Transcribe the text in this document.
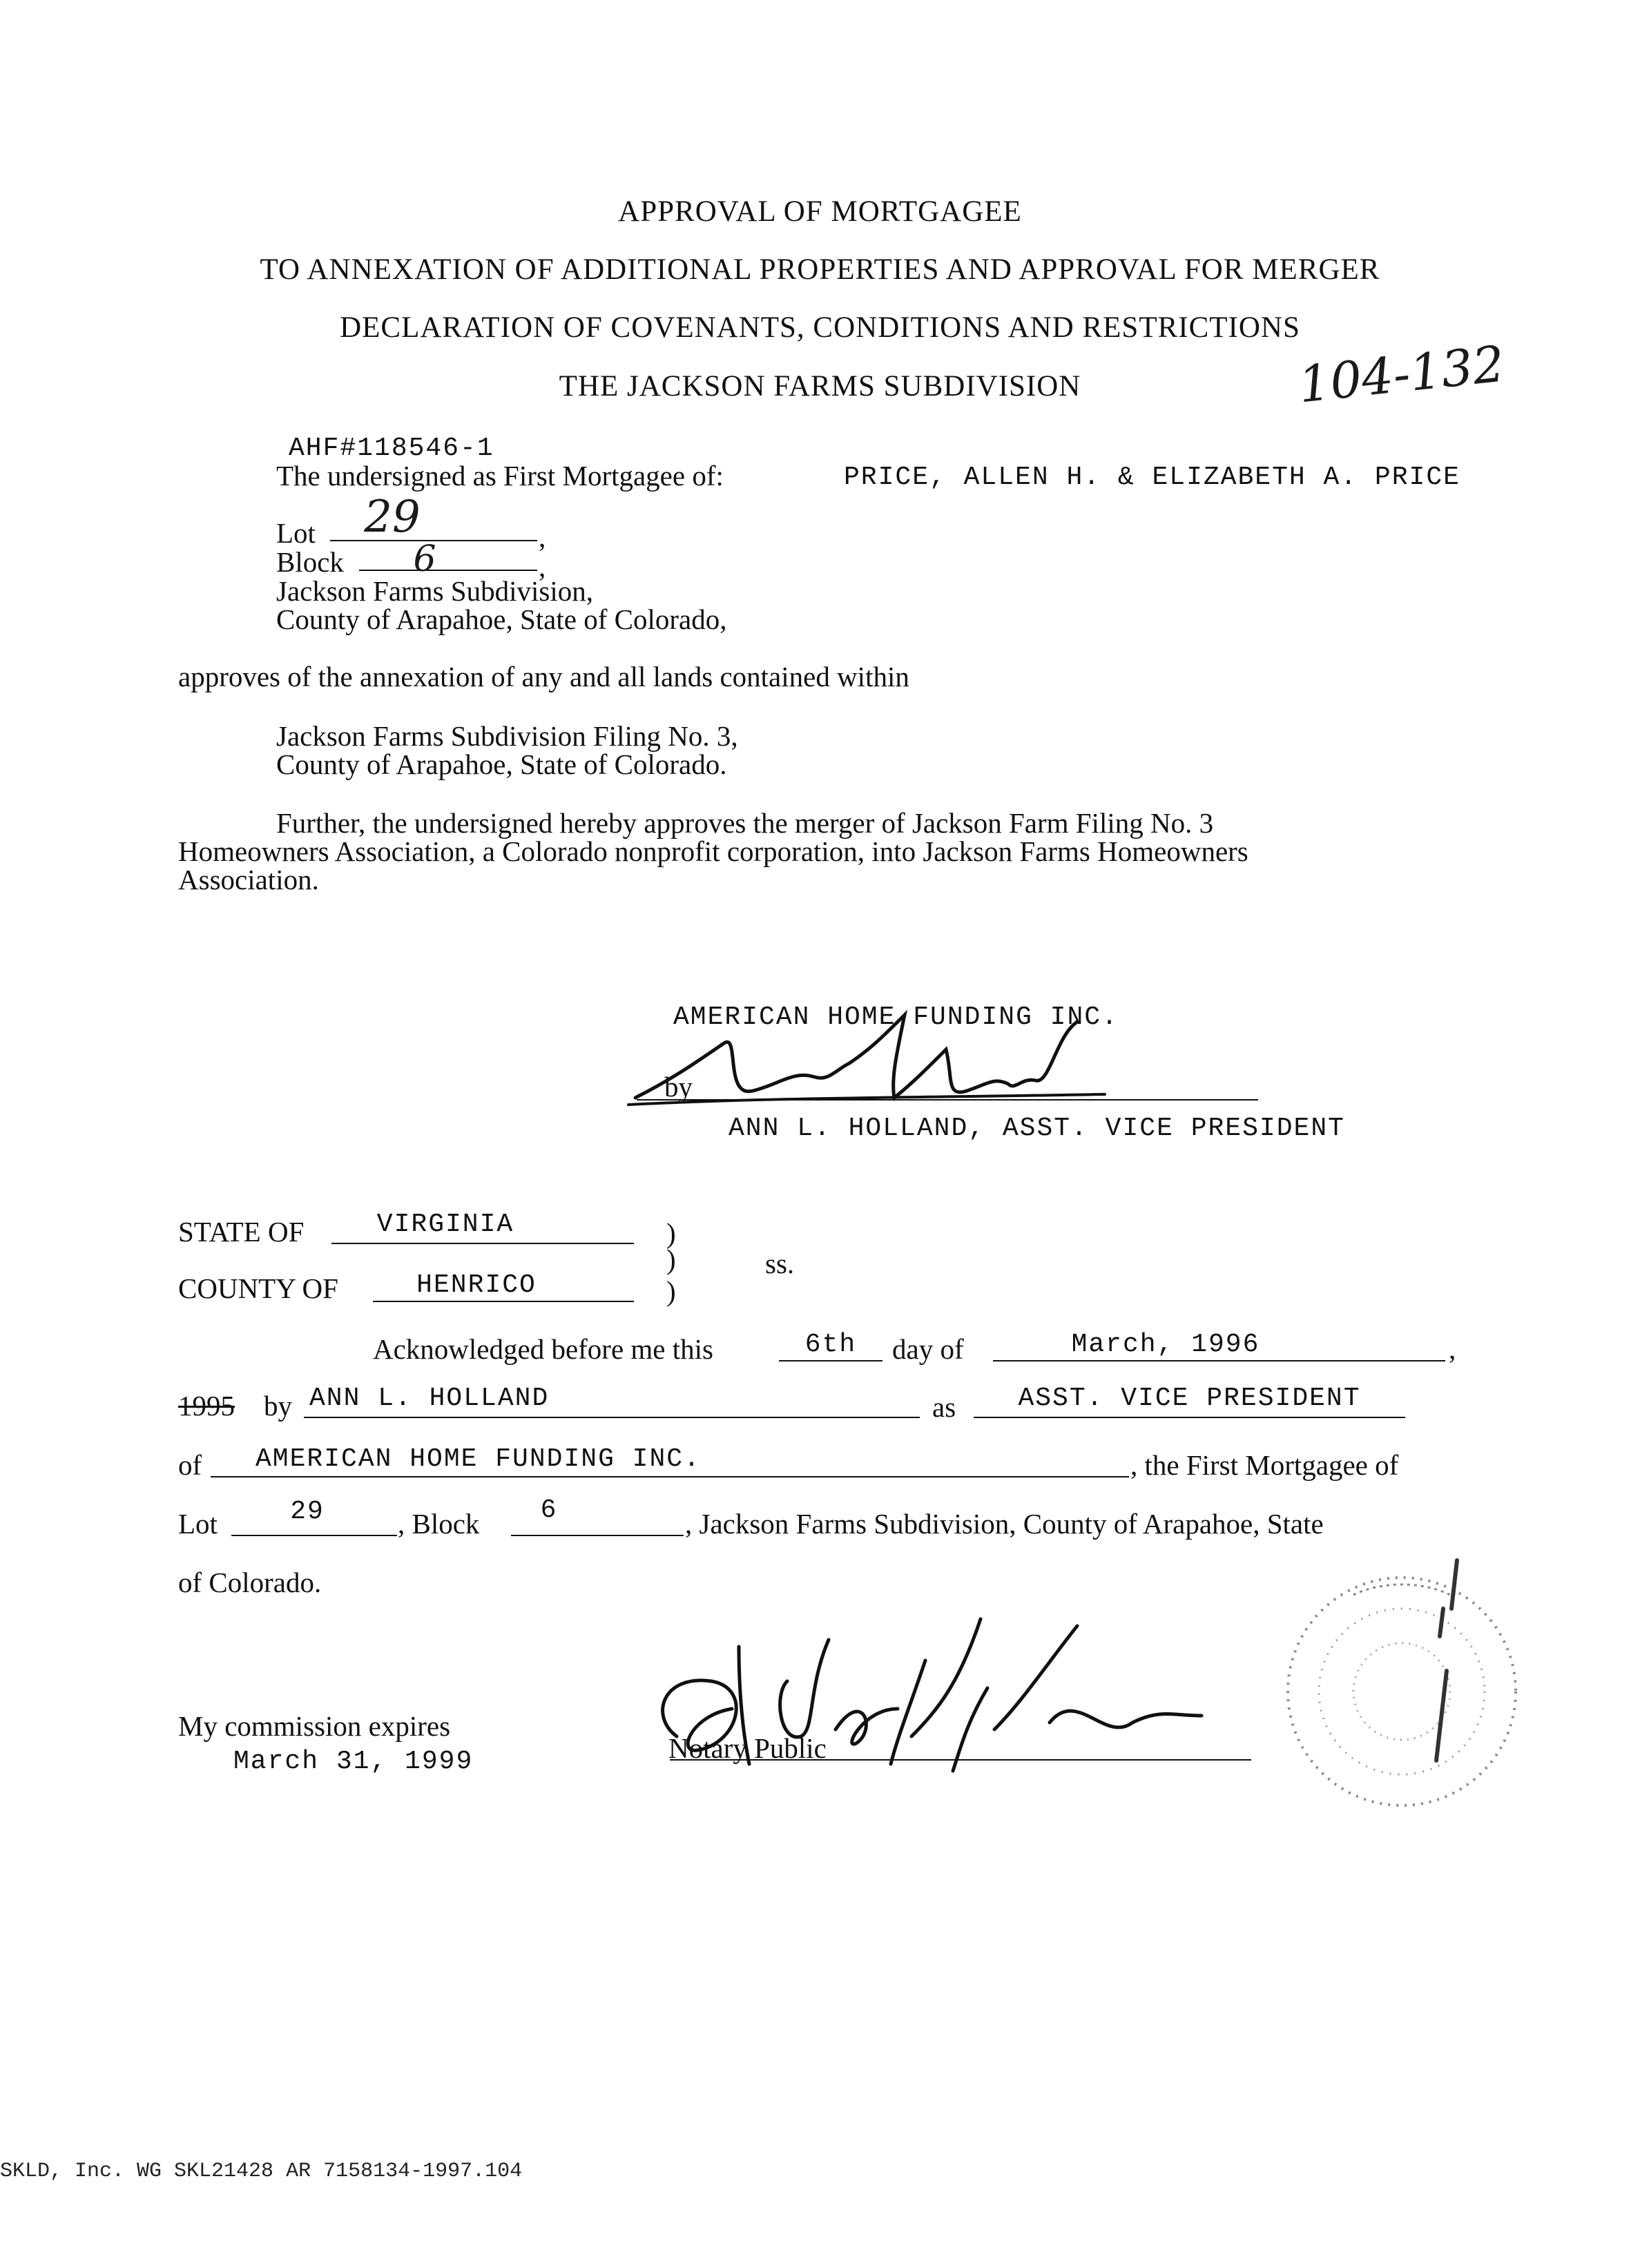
APPROVAL OF MORTGAGEE
TO ANNEXATION OF ADDITIONAL PROPERTIES AND APPROVAL FOR MERGER
DECLARATION OF COVENANTS, CONDITIONS AND RESTRICTIONS
THE JACKSON FARMS SUBDIVISION	104-132
AHF#118546-1
The undersigned as First Mortgagee of:	PRICE, ALLEN H. & ELIZABETH A. PRICE
Lot	29	,
Block	6	,
Jackson Farms Subdivision,
County of Arapahoe, State of Colorado,
approves of the annexation of any and all lands contained within
Jackson Farms Subdivision Filing No. 3,
County of Arapahoe, State of Colorado.
Further, the undersigned hereby approves the merger of Jackson Farm Filing No. 3
Homeowners Association, a Colorado nonprofit corporation, into Jackson Farms Homeowners
Association.
AMERICAN HOME FUNDING INC.
by
ANN L. HOLLAND, ASST. VICE PRESIDENT
STATE OF	VIRGINIA	)
)	ss.
COUNTY OF	HENRICO	)
Acknowledged before me this	6th	day of	March, 1996	,
1995 by ANN L. HOLLAND	as	ASST. VICE PRESIDENT
of AMERICAN HOME FUNDING INC.	, the First Mortgagee of
Lot	29	, Block	6	, Jackson Farms Subdivision, County of Arapahoe, State
of Colorado.
Notary Public
My commission expires
March 31, 1999
SKLD, Inc. WG SKL21428 AR 7158134-1997.104
